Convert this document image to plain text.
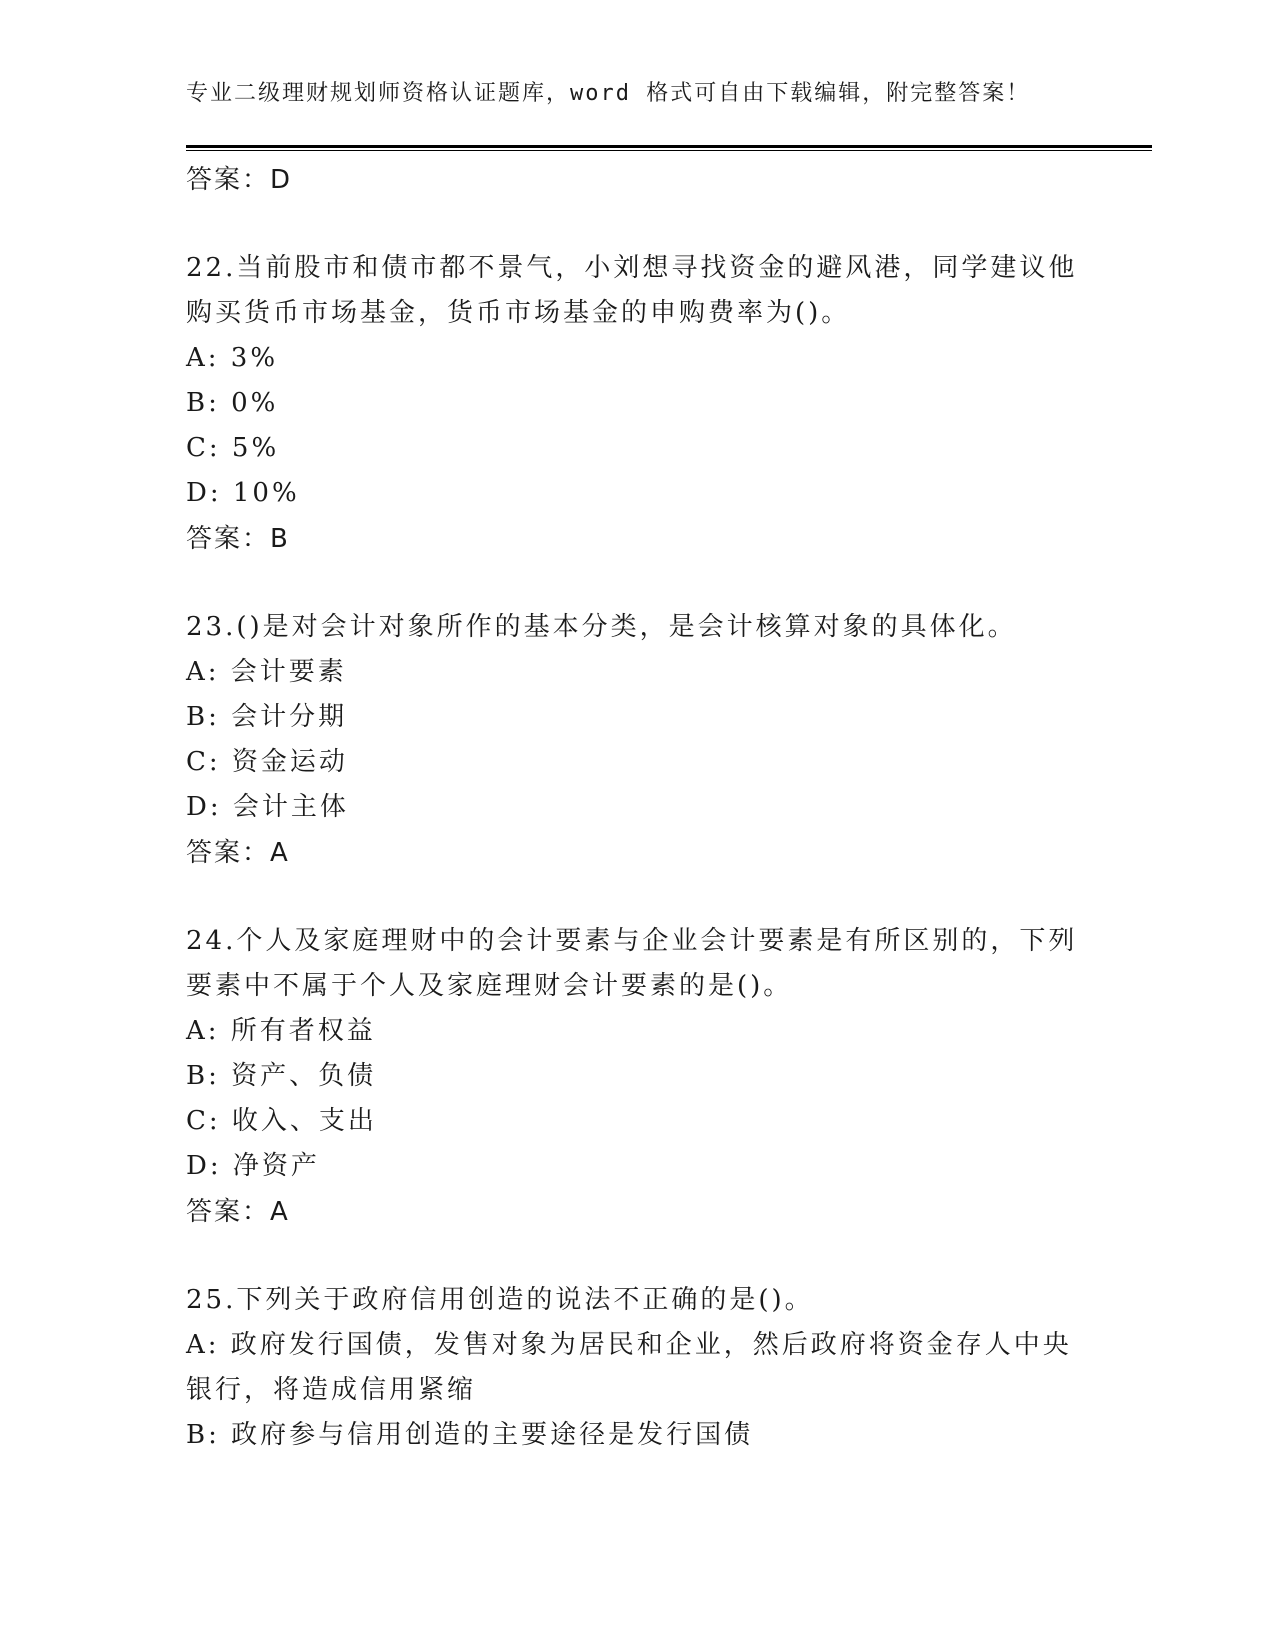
专业二级理财规划师资格认证题库，word 格式可自由下载编辑，附完整答案！
答案：D
22.当前股市和债市都不景气，小刘想寻找资金的避风港，同学建议他购买货币市场基金，货币市场基金的申购费率为()。
A: 3%
B: 0%
C: 5%
D: 10%
答案：B
23.()是对会计对象所作的基本分类，是会计核算对象的具体化。
A: 会计要素
B: 会计分期
C: 资金运动
D: 会计主体
答案：A
24.个人及家庭理财中的会计要素与企业会计要素是有所区别的，下列要素中不属于个人及家庭理财会计要素的是()。
A: 所有者权益
B: 资产、负债
C: 收入、支出
D: 净资产
答案：A
25.下列关于政府信用创造的说法不正确的是()。
A: 政府发行国债，发售对象为居民和企业，然后政府将资金存人中央银行，将造成信用紧缩
B: 政府参与信用创造的主要途径是发行国债
